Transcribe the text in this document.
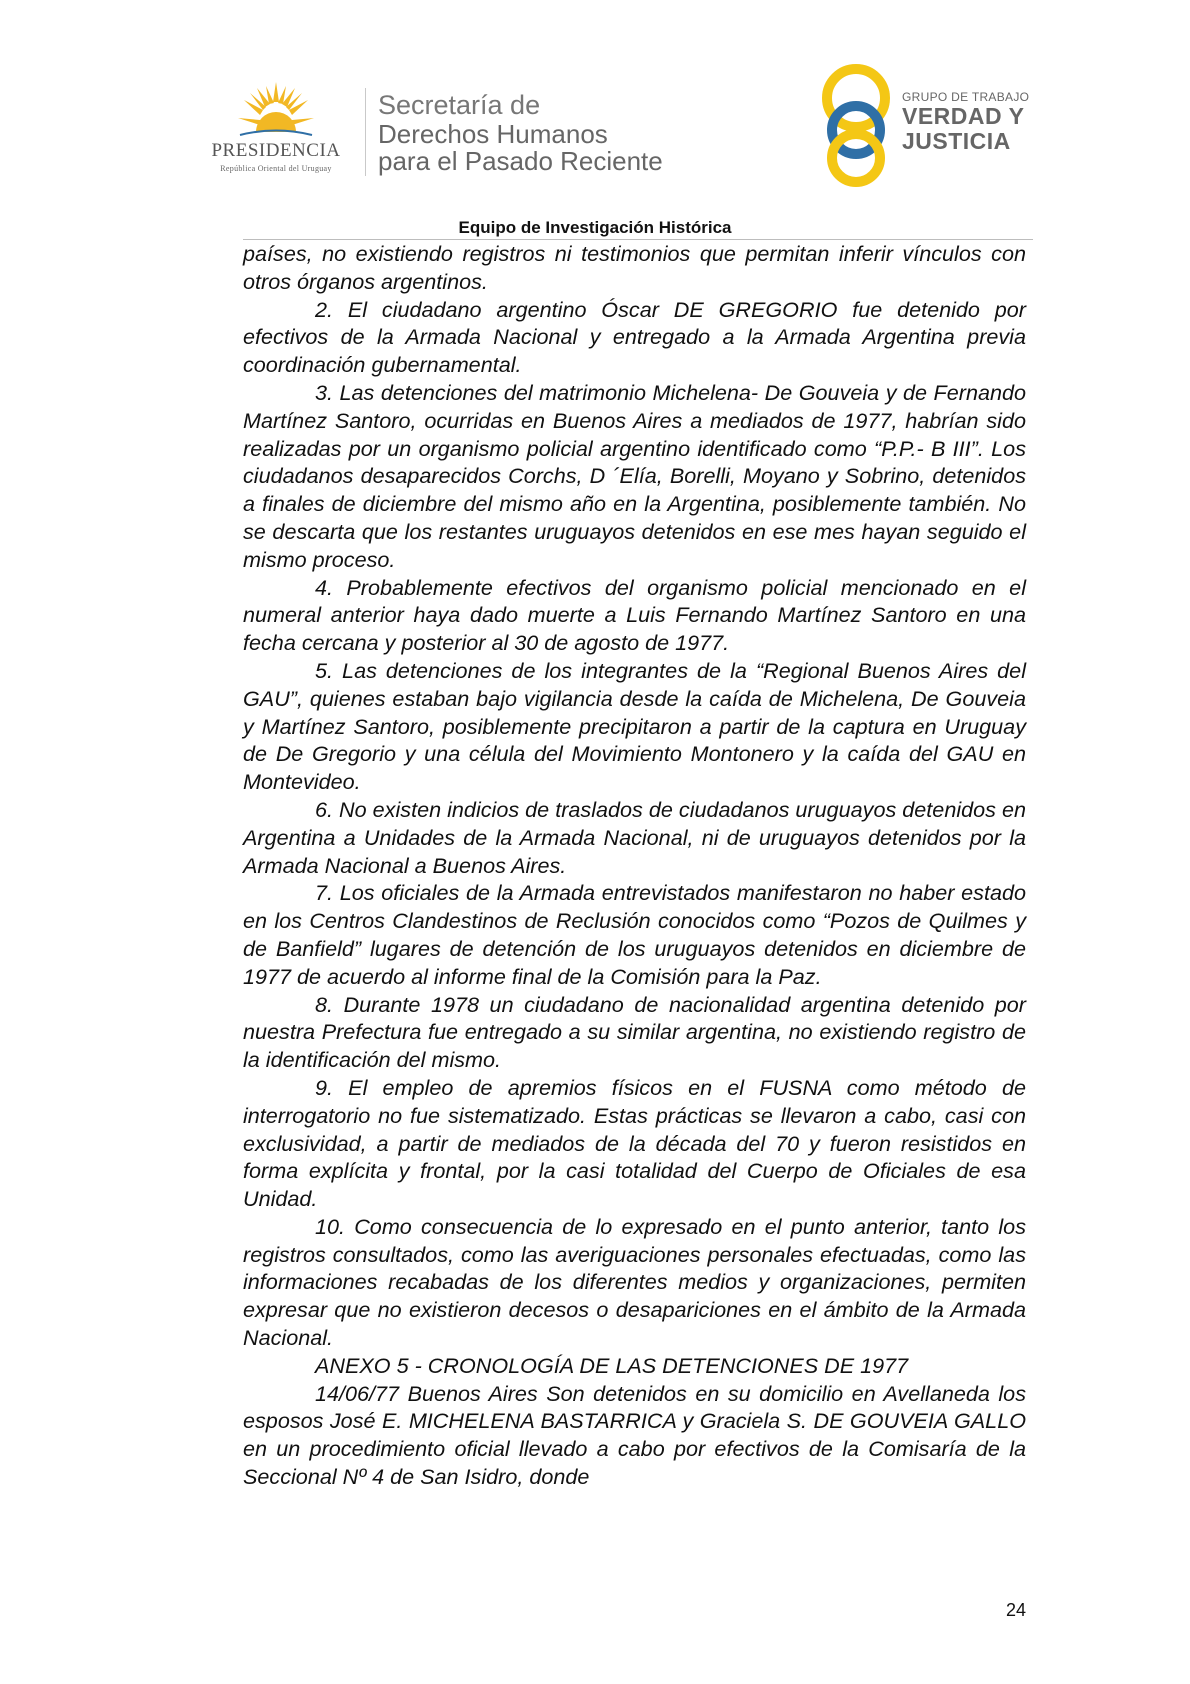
PRESIDENCIA
República Oriental del Uruguay
Secretaría de
Derechos Humanos
para el Pasado Reciente
GRUPO DE TRABAJO
VERDAD Y
JUSTICIA
Equipo de Investigación Histórica

países, no existiendo registros ni testimonios que permitan inferir vínculos con otros órganos argentinos.

2. El ciudadano argentino Óscar DE GREGORIO fue detenido por efectivos de la Armada Nacional y entregado a la Armada Argentina previa coordinación gubernamental.

3. Las detenciones del matrimonio Michelena- De Gouveia y de Fernando Martínez Santoro, ocurridas en Buenos Aires a mediados de 1977, habrían sido realizadas por un organismo policial argentino identificado como “P.P.- B III”. Los ciudadanos desaparecidos Corchs, D ´Elía, Borelli, Moyano y Sobrino, detenidos a finales de diciembre del mismo año en la Argentina, posiblemente también. No se descarta que los restantes uruguayos detenidos en ese mes hayan seguido el mismo proceso.

4. Probablemente efectivos del organismo policial mencionado en el numeral anterior haya dado muerte a Luis Fernando Martínez Santoro en una fecha cercana y posterior al 30 de agosto de 1977.

5. Las detenciones de los integrantes de la “Regional Buenos Aires del GAU”, quienes estaban bajo vigilancia desde la caída de Michelena, De Gouveia y Martínez Santoro, posiblemente precipitaron a partir de la captura en Uruguay de De Gregorio y una célula del Movimiento Montonero y la caída del GAU en Montevideo.

6. No existen indicios de traslados de ciudadanos uruguayos detenidos en Argentina a Unidades de la Armada Nacional, ni de uruguayos detenidos por la Armada Nacional a Buenos Aires.

7. Los oficiales de la Armada entrevistados manifestaron no haber estado en los Centros Clandestinos de Reclusión conocidos como “Pozos de Quilmes y de Banfield” lugares de detención de los uruguayos detenidos en diciembre de 1977 de acuerdo al informe final de la Comisión para la Paz.

8. Durante 1978 un ciudadano de nacionalidad argentina detenido por nuestra Prefectura fue entregado a su similar argentina, no existiendo registro de la identificación del mismo.

9. El empleo de apremios físicos en el FUSNA como método de interrogatorio no fue sistematizado. Estas prácticas se llevaron a cabo, casi con exclusividad, a partir de mediados de la década del 70 y fueron resistidos en forma explícita y frontal, por la casi totalidad del Cuerpo de Oficiales de esa Unidad.

10. Como consecuencia de lo expresado en el punto anterior, tanto los registros consultados, como las averiguaciones personales efectuadas, como las informaciones recabadas de los diferentes medios y organizaciones, permiten expresar que no existieron decesos o desapariciones en el ámbito de la Armada Nacional.

ANEXO 5 - CRONOLOGÍA DE LAS DETENCIONES DE 1977

14/06/77 Buenos Aires Son detenidos en su domicilio en Avellaneda los esposos José E. MICHELENA BASTARRICA y Graciela S. DE GOUVEIA GALLO en un procedimiento oficial llevado a cabo por efectivos de la Comisaría de la Seccional Nº 4 de San Isidro, donde

24
